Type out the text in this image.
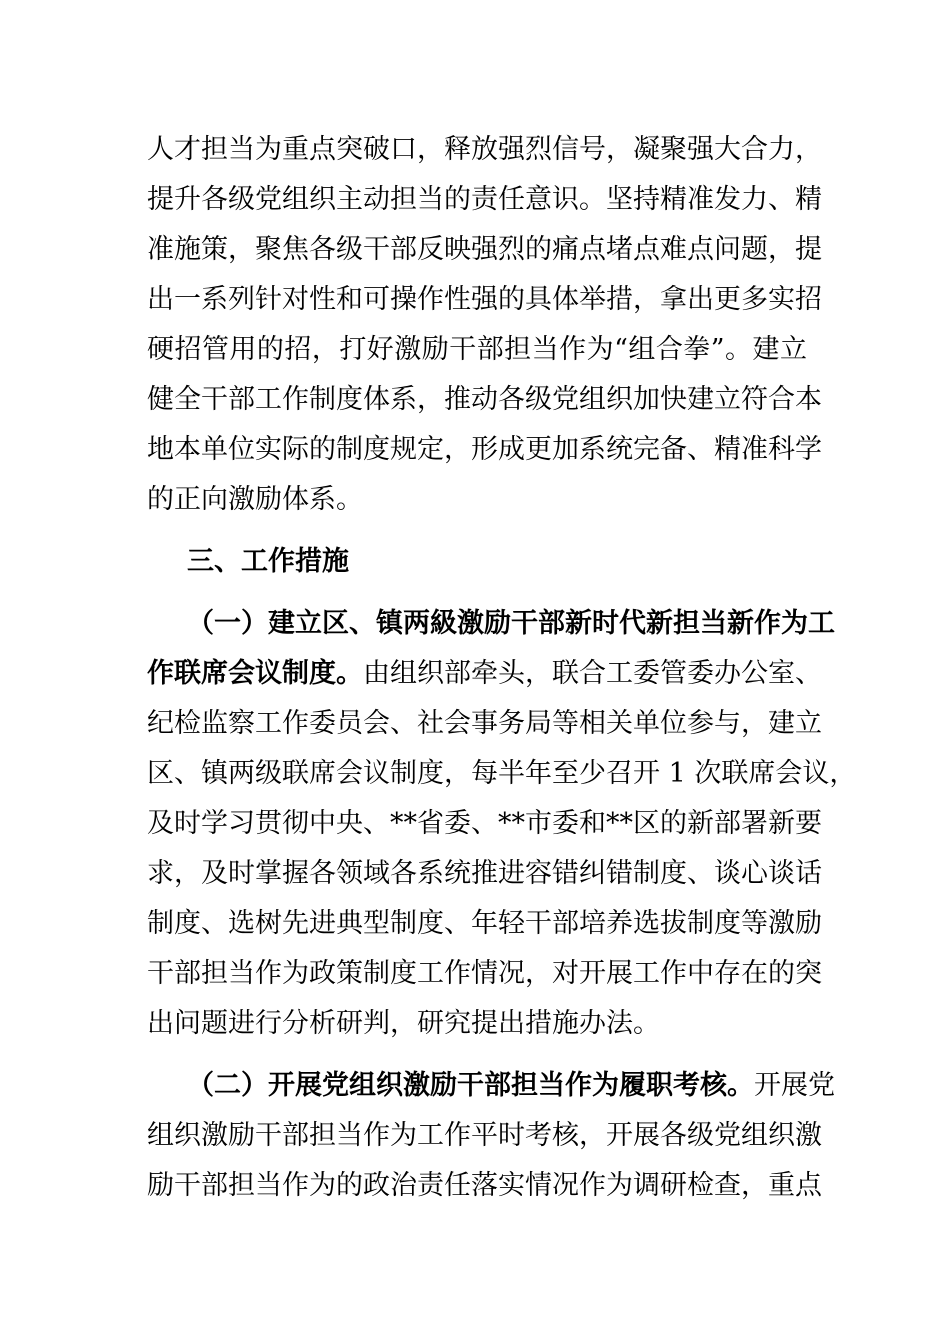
人才担当为重点突破口，释放强烈信号，凝聚强大合力，
提升各级党组织主动担当的责任意识。坚持精准发力、精
准施策，聚焦各级干部反映强烈的痛点堵点难点问题，提
出一系列针对性和可操作性强的具体举措，拿出更多实招
硬招管用的招，打好激励干部担当作为“组合拳”。建立
健全干部工作制度体系，推动各级党组织加快建立符合本
地本单位实际的制度规定，形成更加系统完备、精准科学
的正向激励体系。
三、工作措施
（一）建立区、镇两級激励干部新时代新担当新作为工
作联席会议制度。由组织部牵头，联合工委管委办公室、
纪检监察工作委员会、社会事务局等相关单位参与，建立
区、镇两级联席会议制度，每半年至少召开 1 次联席会议，
及时学习贯彻中央、**省委、**市委和**区的新部署新要
求，及时掌握各领域各系统推进容错纠错制度、谈心谈话
制度、选树先进典型制度、年轻干部培养选拔制度等激励
干部担当作为政策制度工作情况，对开展工作中存在的突
出问题进行分析研判，研究提出措施办法。
（二）开展党组织激励干部担当作为履职考核。开展党
组织激励干部担当作为工作平时考核，开展各级党组织激
励干部担当作为的政治责任落实情况作为调研检查，重点
